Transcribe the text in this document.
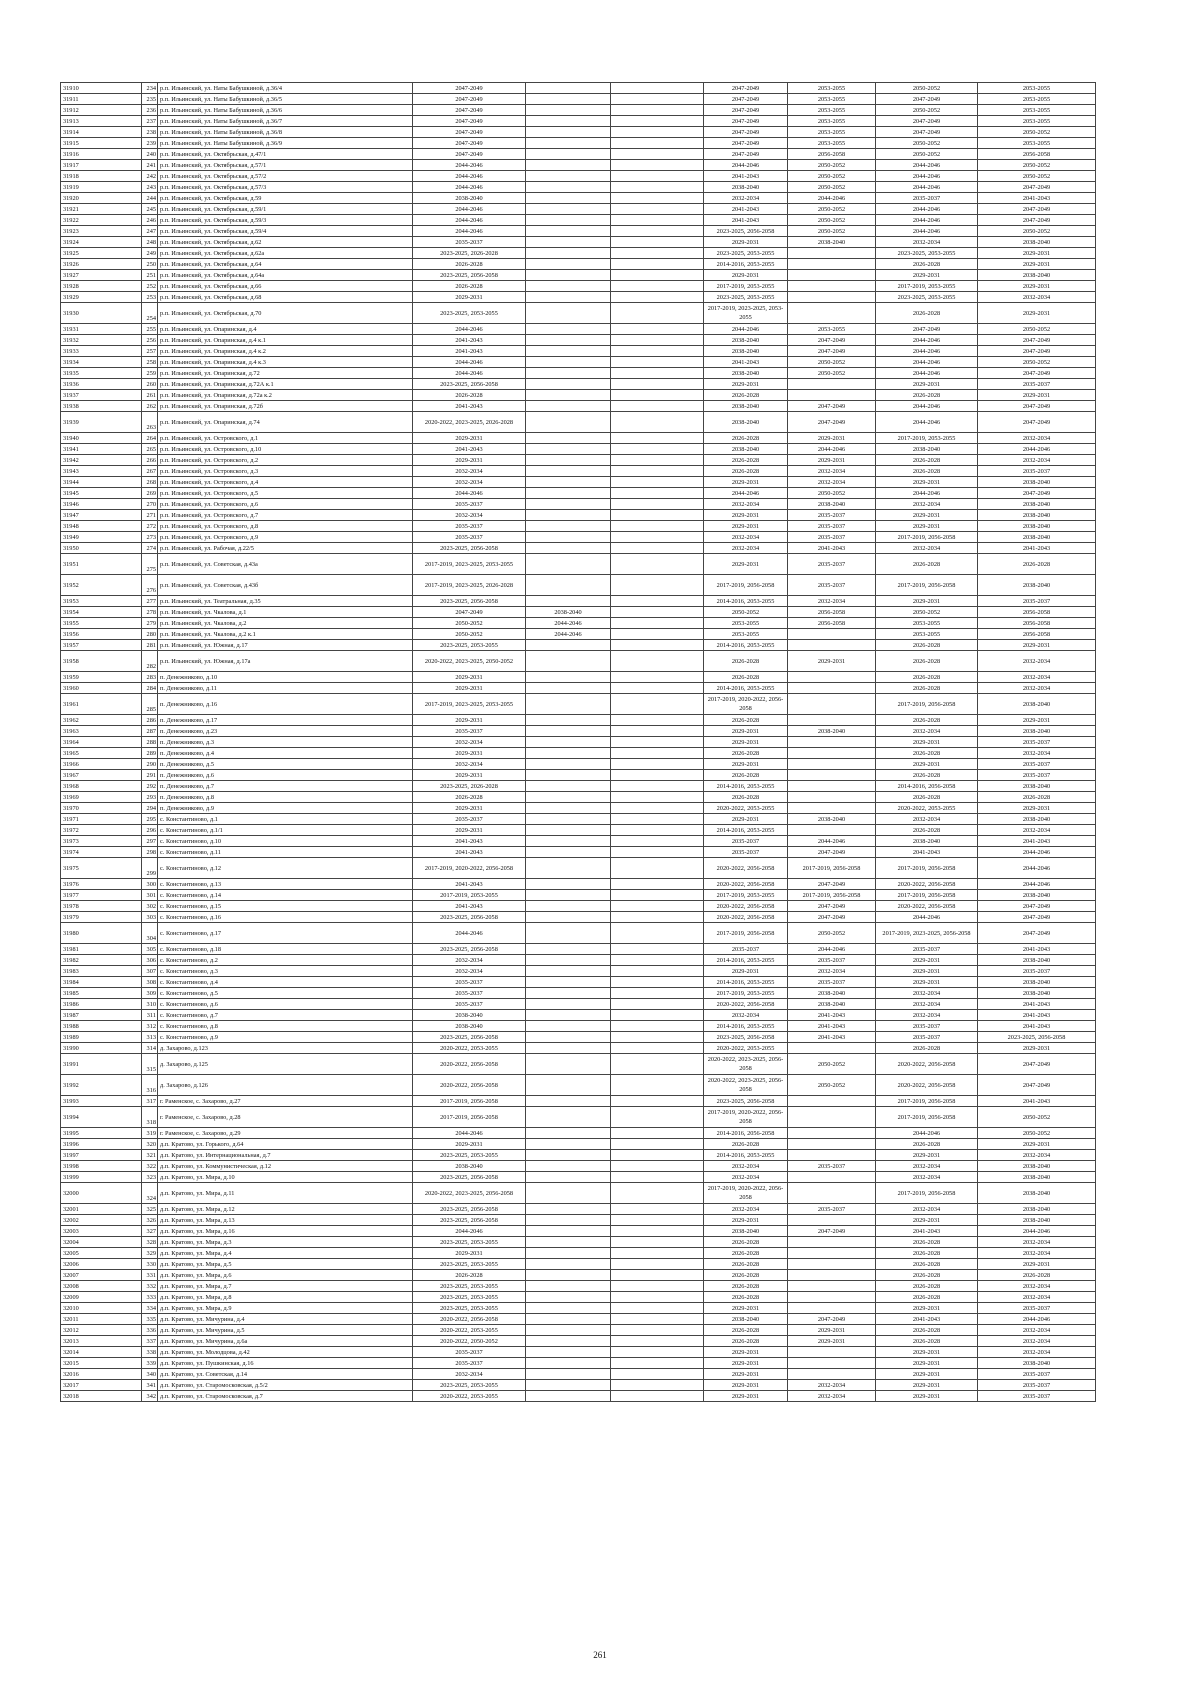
31910	234	р.п. Ильинский, ул. Наты Бабушкиной, д.36/4	2047-2049			2047-2049	2053-2055	2050-2052	2053-2055
31911	235	р.п. Ильинский, ул. Наты Бабушкиной, д.36/5	2047-2049			2047-2049	2053-2055	2047-2049	2053-2055
31912	236	р.п. Ильинский, ул. Наты Бабушкиной, д.36/6	2047-2049			2047-2049	2053-2055	2050-2052	2053-2055
31913	237	р.п. Ильинский, ул. Наты Бабушкиной, д.36/7	2047-2049			2047-2049	2053-2055	2047-2049	2053-2055
31914	238	р.п. Ильинский, ул. Наты Бабушкиной, д.36/8	2047-2049			2047-2049	2053-2055	2047-2049	2050-2052
31915	239	р.п. Ильинский, ул. Наты Бабушкиной, д.36/9	2047-2049			2047-2049	2053-2055	2050-2052	2053-2055
31916	240	р.п. Ильинский, ул. Октябрьская, д.47/1	2047-2049			2047-2049	2056-2058	2050-2052	2056-2058
31917	241	р.п. Ильинский, ул. Октябрьская, д.57/1	2044-2046			2044-2046	2050-2052	2044-2046	2050-2052
31918	242	р.п. Ильинский, ул. Октябрьская, д.57/2	2044-2046			2041-2043	2050-2052	2044-2046	2050-2052
31919	243	р.п. Ильинский, ул. Октябрьская, д.57/3	2044-2046			2038-2040	2050-2052	2044-2046	2047-2049
31920	244	р.п. Ильинский, ул. Октябрьская, д.59	2038-2040			2032-2034	2044-2046	2035-2037	2041-2043
31921	245	р.п. Ильинский, ул. Октябрьская, д.59/1	2044-2046			2041-2043	2050-2052	2044-2046	2047-2049
31922	246	р.п. Ильинский, ул. Октябрьская, д.59/3	2044-2046			2041-2043	2050-2052	2044-2046	2047-2049
31923	247	р.п. Ильинский, ул. Октябрьская, д.59/4	2044-2046			2023-2025, 2056-2058	2050-2052	2044-2046	2050-2052
31924	248	р.п. Ильинский, ул. Октябрьская, д.62	2035-2037			2029-2031	2038-2040	2032-2034	2038-2040
31925	249	р.п. Ильинский, ул. Октябрьская, д.62а	2023-2025, 2026-2028			2023-2025, 2053-2055		2023-2025, 2053-2055	2029-2031
31926	250	р.п. Ильинский, ул. Октябрьская, д.64	2026-2028			2014-2016, 2053-2055		2026-2028	2029-2031
31927	251	р.п. Ильинский, ул. Октябрьская, д.64а	2023-2025, 2056-2058			2029-2031		2029-2031	2038-2040
31928	252	р.п. Ильинский, ул. Октябрьская, д.66	2026-2028			2017-2019, 2053-2055		2017-2019, 2053-2055	2029-2031
31929	253	р.п. Ильинский, ул. Октябрьская, д.68	2029-2031			2023-2025, 2053-2055		2023-2025, 2053-2055	2032-2034
31930	254	р.п. Ильинский, ул. Октябрьская, д.70	2023-2025, 2053-2055			2017-2019, 2023-2025, 2053-2055		2026-2028	2029-2031
31931	255	р.п. Ильинский, ул. Опаринская, д.4	2044-2046			2044-2046	2053-2055	2047-2049	2050-2052
31932	256	р.п. Ильинский, ул. Опаринская, д.4 к.1	2041-2043			2038-2040	2047-2049	2044-2046	2047-2049
31933	257	р.п. Ильинский, ул. Опаринская, д.4 к.2	2041-2043			2038-2040	2047-2049	2044-2046	2047-2049
31934	258	р.п. Ильинский, ул. Опаринская, д.4 к.3	2044-2046			2041-2043	2050-2052	2044-2046	2050-2052
31935	259	р.п. Ильинский, ул. Опаринская, д.72	2044-2046			2038-2040	2050-2052	2044-2046	2047-2049
31936	260	р.п. Ильинский, ул. Опаринская, д.72А к.1	2023-2025, 2056-2058			2029-2031		2029-2031	2035-2037
31937	261	р.п. Ильинский, ул. Опаринская, д.72а к.2	2026-2028			2026-2028		2026-2028	2029-2031
31938	262	р.п. Ильинский, ул. Опаринская, д.72б	2041-2043			2038-2040	2047-2049	2044-2046	2047-2049
31939	263	р.п. Ильинский, ул. Опаринская, д.74	2020-2022, 2023-2025, 2026-2028			2038-2040	2047-2049	2044-2046	2047-2049
31940	264	р.п. Ильинский, ул. Островского, д.1	2029-2031			2026-2028	2029-2031	2017-2019, 2053-2055	2032-2034
31941	265	р.п. Ильинский, ул. Островского, д.10	2041-2043			2038-2040	2044-2046	2038-2040	2044-2046
31942	266	р.п. Ильинский, ул. Островского, д.2	2029-2031			2026-2028	2029-2031	2026-2028	2032-2034
31943	267	р.п. Ильинский, ул. Островского, д.3	2032-2034			2026-2028	2032-2034	2026-2028	2035-2037
31944	268	р.п. Ильинский, ул. Островского, д.4	2032-2034			2029-2031	2032-2034	2029-2031	2038-2040
31945	269	р.п. Ильинский, ул. Островского, д.5	2044-2046			2044-2046	2050-2052	2044-2046	2047-2049
31946	270	р.п. Ильинский, ул. Островского, д.6	2035-2037			2032-2034	2038-2040	2032-2034	2038-2040
31947	271	р.п. Ильинский, ул. Островского, д.7	2032-2034			2029-2031	2035-2037	2029-2031	2038-2040
31948	272	р.п. Ильинский, ул. Островского, д.8	2035-2037			2029-2031	2035-2037	2029-2031	2038-2040
31949	273	р.п. Ильинский, ул. Островского, д.9	2035-2037			2032-2034	2035-2037	2017-2019, 2056-2058	2038-2040
31950	274	р.п. Ильинский, ул. Рабочая, д.22/5	2023-2025, 2056-2058			2032-2034	2041-2043	2032-2034	2041-2043
31951	275	р.п. Ильинский, ул. Советская, д.43а	2017-2019, 2023-2025, 2053-2055			2029-2031	2035-2037	2026-2028	2026-2028
31952	276	р.п. Ильинский, ул. Советская, д.43б	2017-2019, 2023-2025, 2026-2028			2017-2019, 2056-2058	2035-2037	2017-2019, 2056-2058	2038-2040
31953	277	р.п. Ильинский, ул. Театральная, д.35	2023-2025, 2056-2058			2014-2016, 2053-2055	2032-2034	2029-2031	2035-2037
31954	278	р.п. Ильинский, ул. Чкалова, д.1	2047-2049	2038-2040		2050-2052	2056-2058	2050-2052	2056-2058
31955	279	р.п. Ильинский, ул. Чкалова, д.2	2050-2052	2044-2046		2053-2055	2056-2058	2053-2055	2056-2058
31956	280	р.п. Ильинский, ул. Чкалова, д.2 к.1	2050-2052	2044-2046		2053-2055		2053-2055	2056-2058
31957	281	р.п. Ильинский, ул. Южная, д.17	2023-2025, 2053-2055			2014-2016, 2053-2055		2026-2028	2029-2031
31958	282	р.п. Ильинский, ул. Южная, д.17а	2020-2022, 2023-2025, 2050-2052			2026-2028	2029-2031	2026-2028	2032-2034
31959	283	п. Денежниково, д.10	2029-2031			2026-2028		2026-2028	2032-2034
31960	284	п. Денежниково, д.11	2029-2031			2014-2016, 2053-2055		2026-2028	2032-2034
31961	285	п. Денежниково, д.16	2017-2019, 2023-2025, 2053-2055			2017-2019, 2020-2022, 2056-2058		2017-2019, 2056-2058	2038-2040
31962	286	п. Денежниково, д.17	2029-2031			2026-2028		2026-2028	2029-2031
31963	287	п. Денежниково, д.23	2035-2037			2029-2031	2038-2040	2032-2034	2038-2040
31964	288	п. Денежниково, д.3	2032-2034			2029-2031		2029-2031	2035-2037
31965	289	п. Денежниково, д.4	2029-2031			2026-2028		2026-2028	2032-2034
31966	290	п. Денежниково, д.5	2032-2034			2029-2031		2029-2031	2035-2037
31967	291	п. Денежниково, д.6	2029-2031			2026-2028		2026-2028	2035-2037
31968	292	п. Денежниково, д.7	2023-2025, 2026-2028			2014-2016, 2053-2055		2014-2016, 2056-2058	2038-2040
31969	293	п. Денежниково, д.8	2026-2028			2026-2028		2026-2028	2026-2028
31970	294	п. Денежниково, д.9	2029-2031			2020-2022, 2053-2055		2020-2022, 2053-2055	2029-2031
31971	295	с. Константиново, д.1	2035-2037			2029-2031	2038-2040	2032-2034	2038-2040
31972	296	с. Константиново, д.1/1	2029-2031			2014-2016, 2053-2055		2026-2028	2032-2034
31973	297	с. Константиново, д.10	2041-2043			2035-2037	2044-2046	2038-2040	2041-2043
31974	298	с. Константиново, д.11	2041-2043			2035-2037	2047-2049	2041-2043	2044-2046
31975	299	с. Константиново, д.12	2017-2019, 2020-2022, 2056-2058			2020-2022, 2056-2058	2017-2019, 2056-2058	2017-2019, 2056-2058	2044-2046
31976	300	с. Константиново, д.13	2041-2043			2020-2022, 2056-2058	2047-2049	2020-2022, 2056-2058	2044-2046
31977	301	с. Константиново, д.14	2017-2019, 2053-2055			2017-2019, 2053-2055	2017-2019, 2056-2058	2017-2019, 2056-2058	2038-2040
31978	302	с. Константиново, д.15	2041-2043			2020-2022, 2056-2058	2047-2049	2020-2022, 2056-2058	2047-2049
31979	303	с. Константиново, д.16	2023-2025, 2056-2058			2020-2022, 2056-2058	2047-2049	2044-2046	2047-2049
31980	304	с. Константиново, д.17	2044-2046			2017-2019, 2056-2058	2050-2052	2017-2019, 2023-2025, 2056-2058	2047-2049
31981	305	с. Константиново, д.18	2023-2025, 2056-2058			2035-2037	2044-2046	2035-2037	2041-2043
31982	306	с. Константиново, д.2	2032-2034			2014-2016, 2053-2055	2035-2037	2029-2031	2038-2040
31983	307	с. Константиново, д.3	2032-2034			2029-2031	2032-2034	2029-2031	2035-2037
31984	308	с. Константиново, д.4	2035-2037			2014-2016, 2053-2055	2035-2037	2029-2031	2038-2040
31985	309	с. Константиново, д.5	2035-2037			2017-2019, 2053-2055	2038-2040	2032-2034	2038-2040
31986	310	с. Константиново, д.6	2035-2037			2020-2022, 2056-2058	2038-2040	2032-2034	2041-2043
31987	311	с. Константиново, д.7	2038-2040			2032-2034	2041-2043	2032-2034	2041-2043
31988	312	с. Константиново, д.8	2038-2040			2014-2016, 2053-2055	2041-2043	2035-2037	2041-2043
31989	313	с. Константиново, д.9	2023-2025, 2056-2058			2023-2025, 2056-2058	2041-2043	2035-2037	2023-2025, 2056-2058
31990	314	д. Захарово, д.123	2020-2022, 2053-2055			2020-2022, 2053-2055		2026-2028	2029-2031
31991	315	д. Захарово, д.125	2020-2022, 2056-2058			2020-2022, 2023-2025, 2056-2058	2050-2052	2020-2022, 2056-2058	2047-2049
31992	316	д. Захарово, д.126	2020-2022, 2056-2058			2020-2022, 2023-2025, 2056-2058	2050-2052	2020-2022, 2056-2058	2047-2049
31993	317	г. Раменское, с. Захарово, д.27	2017-2019, 2056-2058			2023-2025, 2056-2058		2017-2019, 2056-2058	2041-2043
31994	318	г. Раменское, с. Захарово, д.28	2017-2019, 2056-2058			2017-2019, 2020-2022, 2056-2058		2017-2019, 2056-2058	2050-2052
31995	319	г. Раменское, с. Захарово, д.29	2044-2046			2014-2016, 2056-2058		2044-2046	2050-2052
31996	320	д.п. Кратово, ул. Горького, д.64	2029-2031			2026-2028		2026-2028	2029-2031
31997	321	д.п. Кратово, ул. Интернациональная, д.7	2023-2025, 2053-2055			2014-2016, 2053-2055		2029-2031	2032-2034
31998	322	д.п. Кратово, ул. Коммунистическая, д.12	2038-2040			2032-2034	2035-2037	2032-2034	2038-2040
31999	323	д.п. Кратово, ул. Мира, д.10	2023-2025, 2056-2058			2032-2034		2032-2034	2038-2040
32000	324	д.п. Кратово, ул. Мира, д.11	2020-2022, 2023-2025, 2056-2058			2017-2019, 2020-2022, 2056-2058		2017-2019, 2056-2058	2038-2040
32001	325	д.п. Кратово, ул. Мира, д.12	2023-2025, 2056-2058			2032-2034	2035-2037	2032-2034	2038-2040
32002	326	д.п. Кратово, ул. Мира, д.13	2023-2025, 2056-2058			2029-2031		2029-2031	2038-2040
32003	327	д.п. Кратово, ул. Мира, д.16	2044-2046			2038-2040	2047-2049	2041-2043	2044-2046
32004	328	д.п. Кратово, ул. Мира, д.3	2023-2025, 2053-2055			2026-2028		2026-2028	2032-2034
32005	329	д.п. Кратово, ул. Мира, д.4	2029-2031			2026-2028		2026-2028	2032-2034
32006	330	д.п. Кратово, ул. Мира, д.5	2023-2025, 2053-2055			2026-2028		2026-2028	2029-2031
32007	331	д.п. Кратово, ул. Мира, д.6	2026-2028			2026-2028		2026-2028	2026-2028
32008	332	д.п. Кратово, ул. Мира, д.7	2023-2025, 2053-2055			2026-2028		2026-2028	2032-2034
32009	333	д.п. Кратово, ул. Мира, д.8	2023-2025, 2053-2055			2026-2028		2026-2028	2032-2034
32010	334	д.п. Кратово, ул. Мира, д.9	2023-2025, 2053-2055			2029-2031		2029-2031	2035-2037
32011	335	д.п. Кратово, ул. Мичурина, д.4	2020-2022, 2056-2058			2038-2040	2047-2049	2041-2043	2044-2046
32012	336	д.п. Кратово, ул. Мичурина, д.5	2020-2022, 2053-2055			2026-2028	2029-2031	2026-2028	2032-2034
32013	337	д.п. Кратово, ул. Мичурина, д.6а	2020-2022, 2050-2052			2026-2028	2029-2031	2026-2028	2032-2034
32014	338	д.п. Кратово, ул. Молодцова, д.42	2035-2037			2029-2031		2029-2031	2032-2034
32015	339	д.п. Кратово, ул. Пушкинская, д.16	2035-2037			2029-2031		2029-2031	2038-2040
32016	340	д.п. Кратово, ул. Советская, д.14	2032-2034			2029-2031		2029-2031	2035-2037
32017	341	д.п. Кратово, ул. Старомосковская, д.5/2	2023-2025, 2053-2055			2029-2031	2032-2034	2029-2031	2035-2037
32018	342	д.п. Кратово, ул. Старомосковская, д.7	2020-2022, 2053-2055			2029-2031	2032-2034	2029-2031	2035-2037
261
